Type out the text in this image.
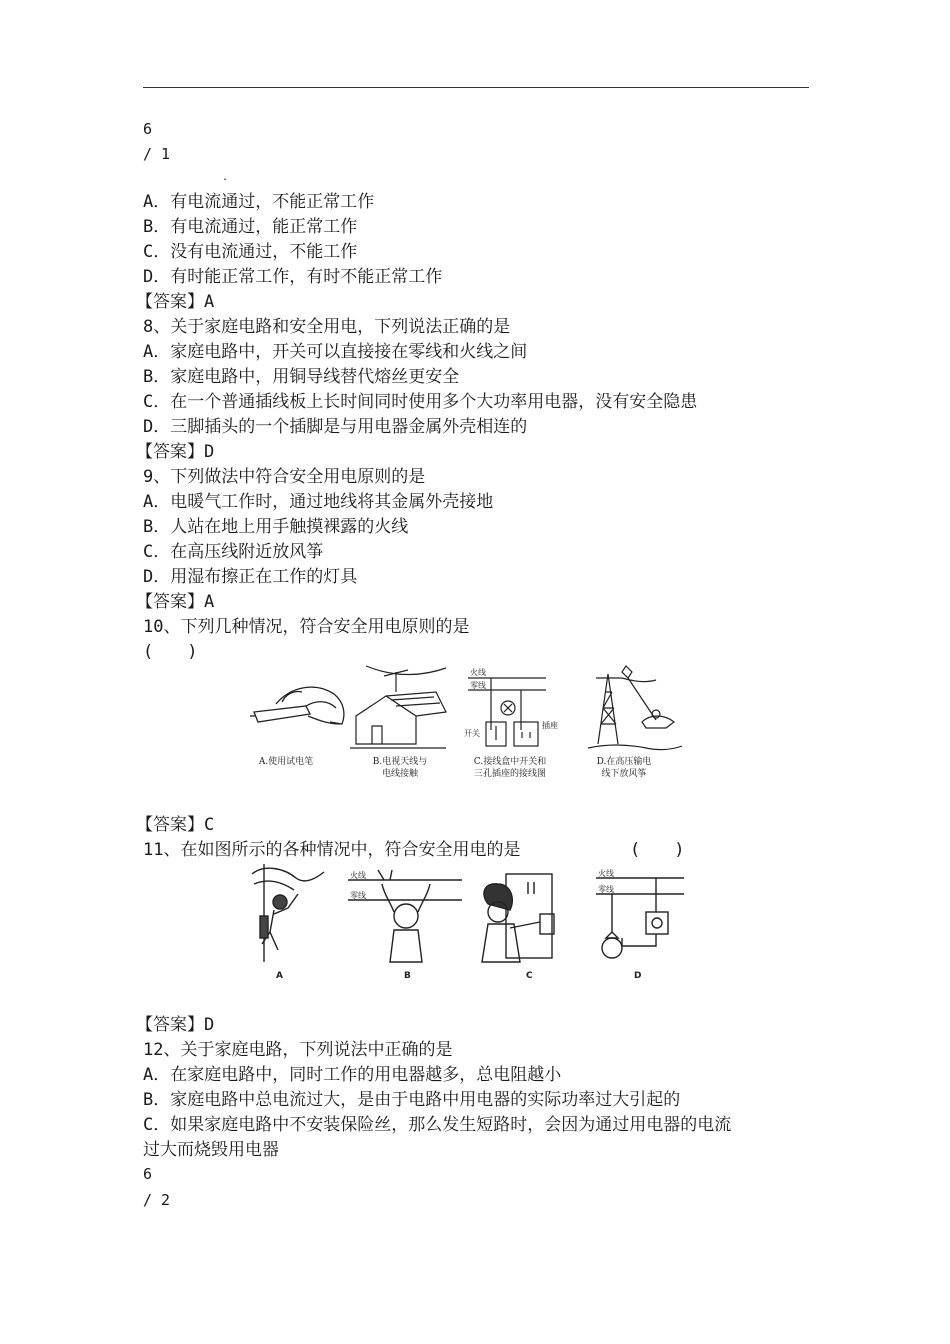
6
/ 1
.
A．有电流通过，不能正常工作
B．有电流通过，能正常工作
C．没有电流通过，不能工作
D．有时能正常工作，有时不能正常工作
【答案】A
8、关于家庭电路和安全用电，下列说法正确的是
A．家庭电路中，开关可以直接接在零线和火线之间
B．家庭电路中，用铜导线替代熔丝更安全
C．在一个普通插线板上长时间同时使用多个大功率用电器，没有安全隐患
D．三脚插头的一个插脚是与用电器金属外壳相连的
【答案】D
9、下列做法中符合安全用电原则的是
A．电暖气工作时，通过地线将其金属外壳接地
B．人站在地上用手触摸裸露的火线
C．在高压线附近放风筝
D．用湿布擦正在工作的灯具
【答案】A
10、下列几种情况，符合安全用电原则的是
(　　)
A.使用试电笔	B.电视天线与
电线接触
火线
零线
开关
插座
C.接线盒中开关和
三孔插座的接线图
D.在高压输电
线下放风筝
【答案】C
11、在如图所示的各种情况中，符合安全用电的是	(　　)
A
火线
零线
B	C
火线
零线
D
【答案】D
12、关于家庭电路，下列说法中正确的是
A．在家庭电路中，同时工作的用电器越多，总电阻越小
B．家庭电路中总电流过大，是由于电路中用电器的实际功率过大引起的
C．如果家庭电路中不安装保险丝，那么发生短路时，会因为通过用电器的电流
过大而烧毁用电器
6
/ 2
